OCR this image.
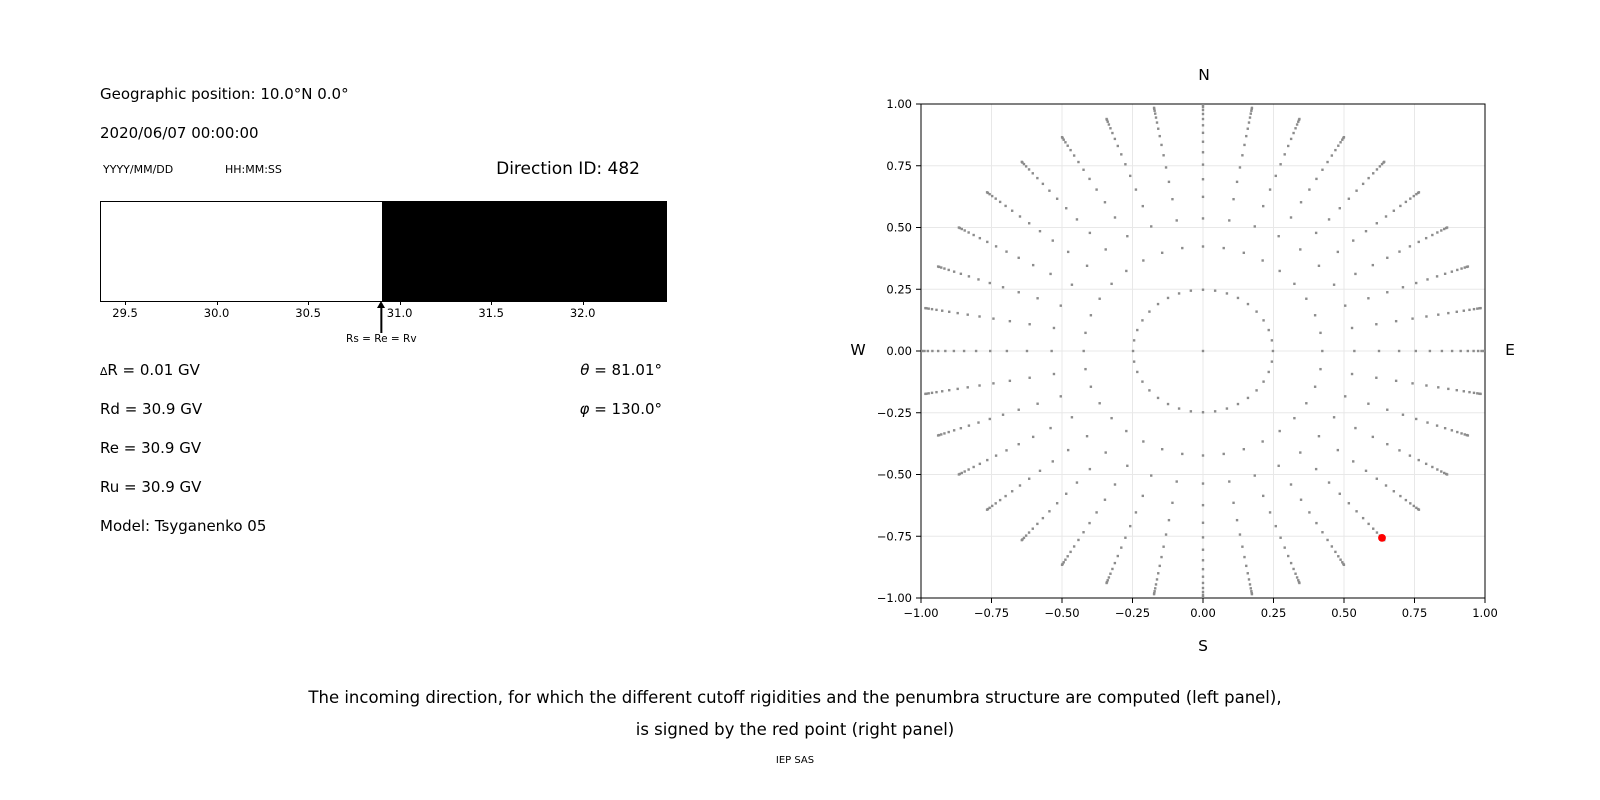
Geographic position: 10.0°N 0.0°
2020/06/07 00:00:00
YYYY/MM/DD	HH:MM:SS	Direction ID: 482
29.5	30.0	30.5	31.0	31.5	32.0
Rs = Re = Rv
∆R = 0.01 GV
Rd = 30.9 GV
Re = 30.9 GV
Ru = 30.9 GV
Model: Tsyganenko 05
θ = 81.01°
φ = 130.0°
−1.00
−1.00
−0.75
−0.75
−0.50
−0.50
−0.25
−0.25
0.00
0.00
0.25
0.25
0.50
0.50
0.75
0.75
1.00
1.00
N
S
W	E
The incoming direction, for which the different cutoff rigidities and the penumbra structure are computed (left panel),
is signed by the red point (right panel)
IEP SAS
